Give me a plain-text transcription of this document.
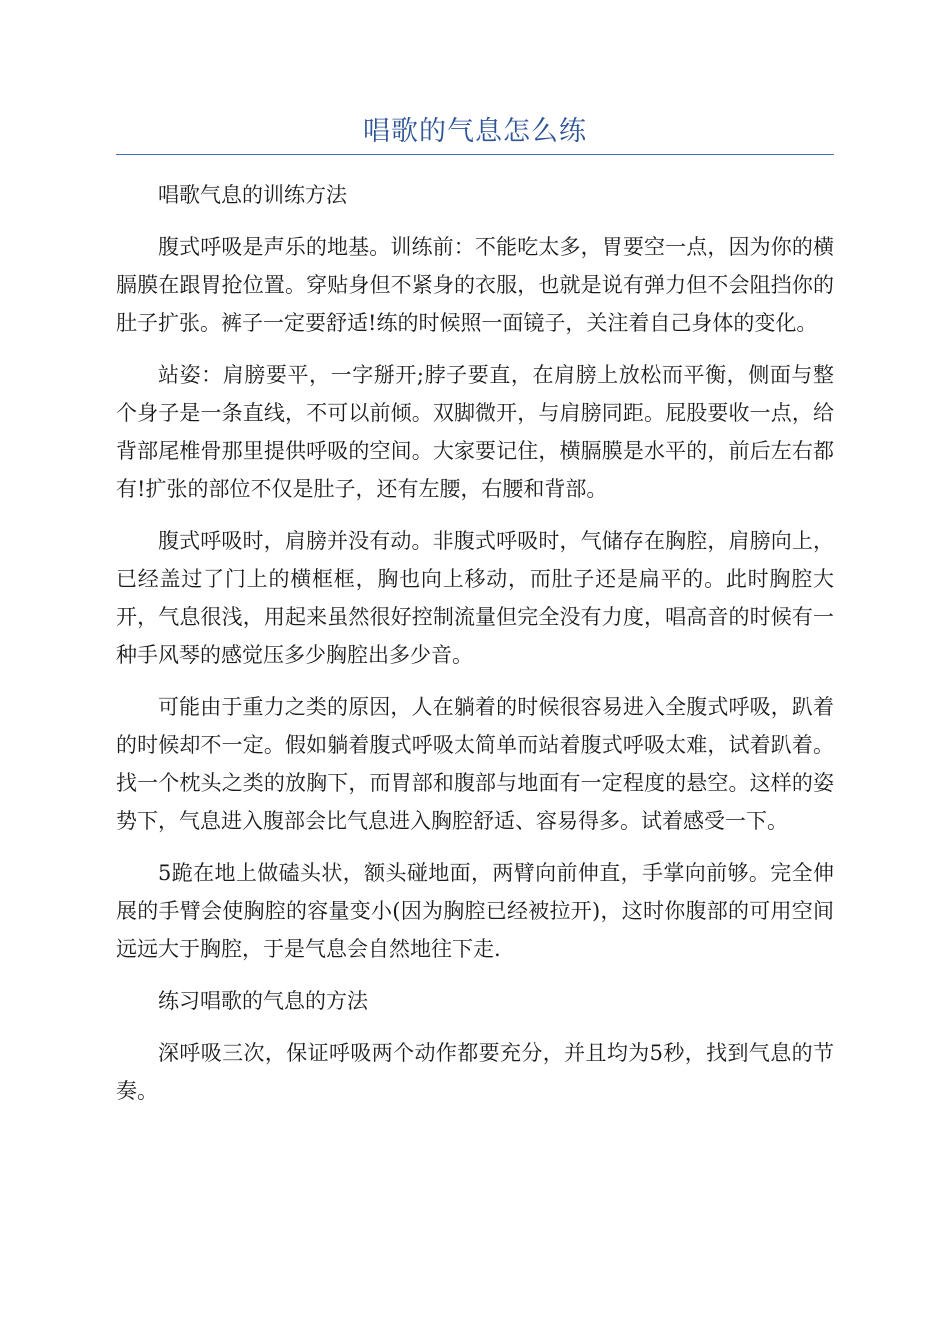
唱歌的气息怎么练

唱歌气息的训练方法

腹式呼吸是声乐的地基。训练前：不能吃太多，胃要空一点，因为你的横膈膜在跟胃抢位置。穿贴身但不紧身的衣服，也就是说有弹力但不会阻挡你的肚子扩张。裤子一定要舒适!练的时候照一面镜子，关注着自己身体的变化。

站姿：肩膀要平，一字掰开;脖子要直，在肩膀上放松而平衡，侧面与整个身子是一条直线，不可以前倾。双脚微开，与肩膀同距。屁股要收一点，给背部尾椎骨那里提供呼吸的空间。大家要记住，横膈膜是水平的，前后左右都有!扩张的部位不仅是肚子，还有左腰，右腰和背部。

腹式呼吸时，肩膀并没有动。非腹式呼吸时，气储存在胸腔，肩膀向上，已经盖过了门上的横框框，胸也向上移动，而肚子还是扁平的。此时胸腔大开，气息很浅，用起来虽然很好控制流量但完全没有力度，唱高音的时候有一种手风琴的感觉压多少胸腔出多少音。

可能由于重力之类的原因，人在躺着的时候很容易进入全腹式呼吸，趴着的时候却不一定。假如躺着腹式呼吸太简单而站着腹式呼吸太难，试着趴着。找一个枕头之类的放胸下，而胃部和腹部与地面有一定程度的悬空。这样的姿势下，气息进入腹部会比气息进入胸腔舒适、容易得多。试着感受一下。

5跪在地上做磕头状，额头碰地面，两臂向前伸直，手掌向前够。完全伸展的手臂会使胸腔的容量变小(因为胸腔已经被拉开)，这时你腹部的可用空间远远大于胸腔，于是气息会自然地往下走.

练习唱歌的气息的方法

深呼吸三次，保证呼吸两个动作都要充分，并且均为5秒，找到气息的节奏。
